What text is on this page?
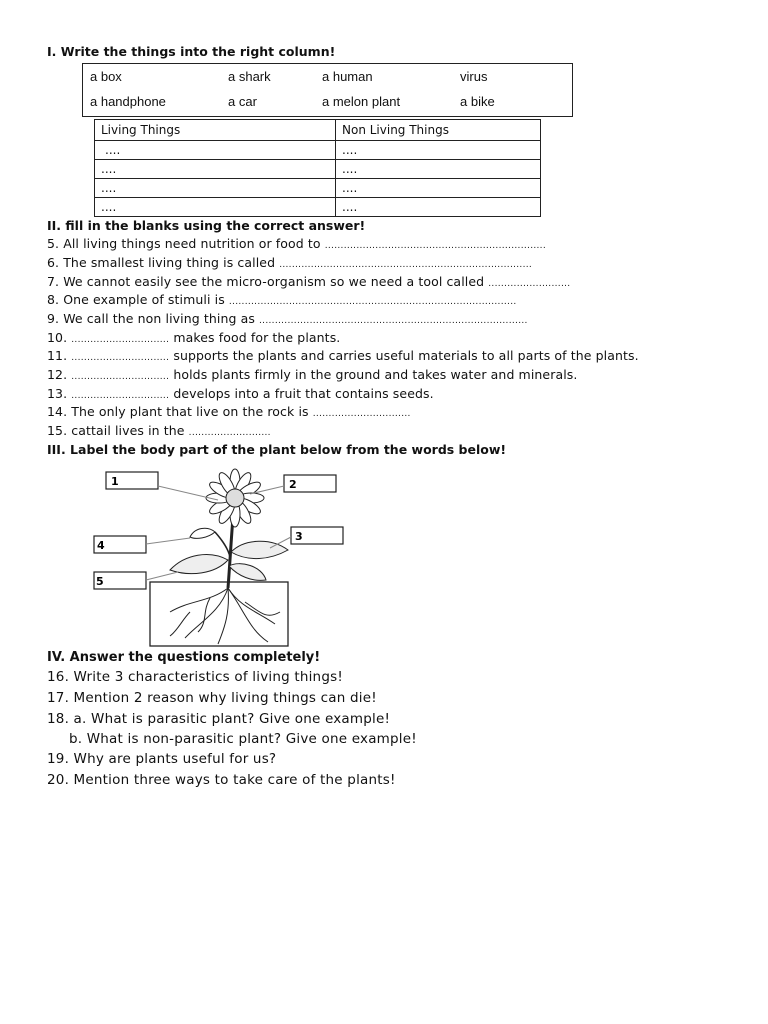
I. Write the things into the right column!
a box	a shark	a human	virus
a handphone	a car	a melon plant	a bike
Living Things	Non Living Things
....	....
....	....
....	....
....	....
II. fill in the blanks using the correct answer!
5. All living things need nutrition or food to ......................................................................
6. The smallest living thing is called ................................................................................
7. We cannot easily see the micro-organism so we need a tool called ..........................
8. One example of stimuli is ...........................................................................................
9. We call the non living thing as .....................................................................................
10. ............................... makes food for the plants.
11. ............................... supports the plants and carries useful materials to all parts of the plants.
12. ............................... holds plants firmly in the ground and takes water and minerals.
13. ............................... develops into a fruit that contains seeds.
14. The only plant that live on the rock is ...............................
15. cattail lives in the ..........................
III. Label the body part of the plant below from the words below!
1	2
3
4
5
IV. Answer the questions completely!
16. Write 3 characteristics of living things!
17. Mention 2 reason why living things can die!
18. a. What is parasitic plant? Give one example!
b. What is non-parasitic plant? Give one example!
19. Why are plants useful for us?
20. Mention three ways to take care of the plants!
